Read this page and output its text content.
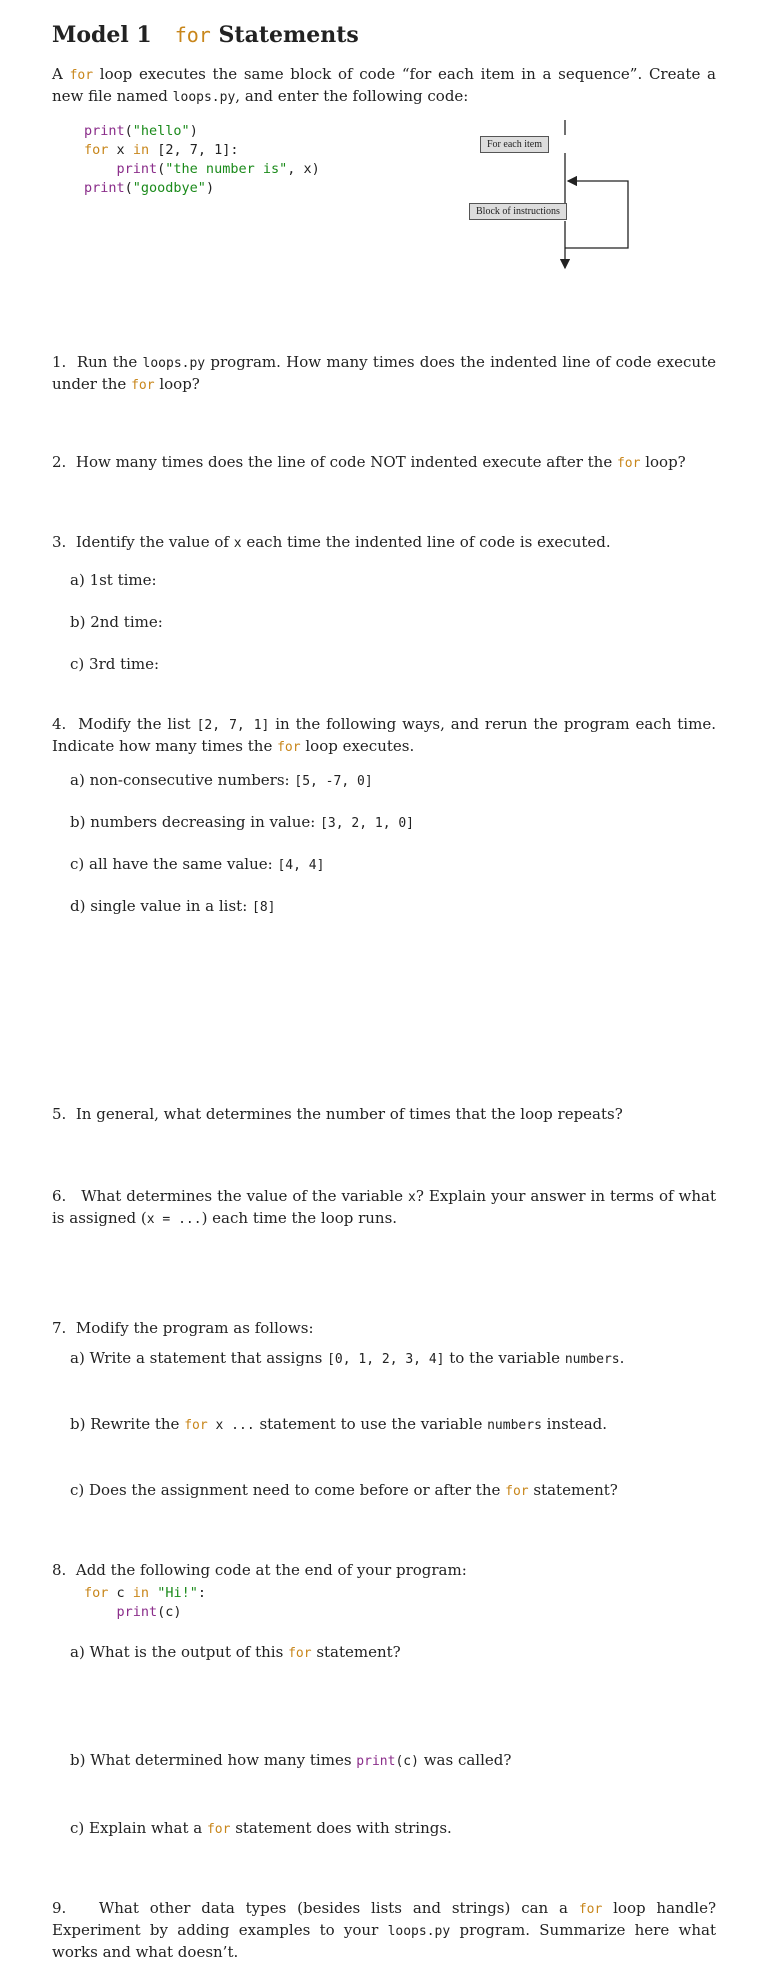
Model 1 for Statements
A for loop executes the same block of code “for each item in a sequence”. Create a new file named loops.py, and enter the following code:
print("hello")
for x in [2, 7, 1]:
print("the number is", x)
print("goodbye")
For each item
Block of instructions
1. Run the loops.py program. How many times does the indented line of code execute under the for loop?
2. How many times does the line of code NOT indented execute after the for loop?
3. Identify the value of x each time the indented line of code is executed.
a) 1st time:
b) 2nd time:
c) 3rd time:
4. Modify the list [2, 7, 1] in the following ways, and rerun the program each time. Indicate how many times the for loop executes.
a) non-consecutive numbers: [5, -7, 0]
b) numbers decreasing in value: [3, 2, 1, 0]
c) all have the same value: [4, 4]
d) single value in a list: [8]
5. In general, what determines the number of times that the loop repeats?
6. What determines the value of the variable x? Explain your answer in terms of what is assigned (x = ...) each time the loop runs.
7. Modify the program as follows:
a) Write a statement that assigns [0, 1, 2, 3, 4] to the variable numbers.
b) Rewrite the for x ... statement to use the variable numbers instead.
c) Does the assignment need to come before or after the for statement?
8. Add the following code at the end of your program:
for c in "Hi!":
print(c)
a) What is the output of this for statement?
b) What determined how many times print(c) was called?
c) Explain what a for statement does with strings.
9. What other data types (besides lists and strings) can a for loop handle? Experiment by adding examples to your loops.py program. Summarize here what works and what doesn’t.
